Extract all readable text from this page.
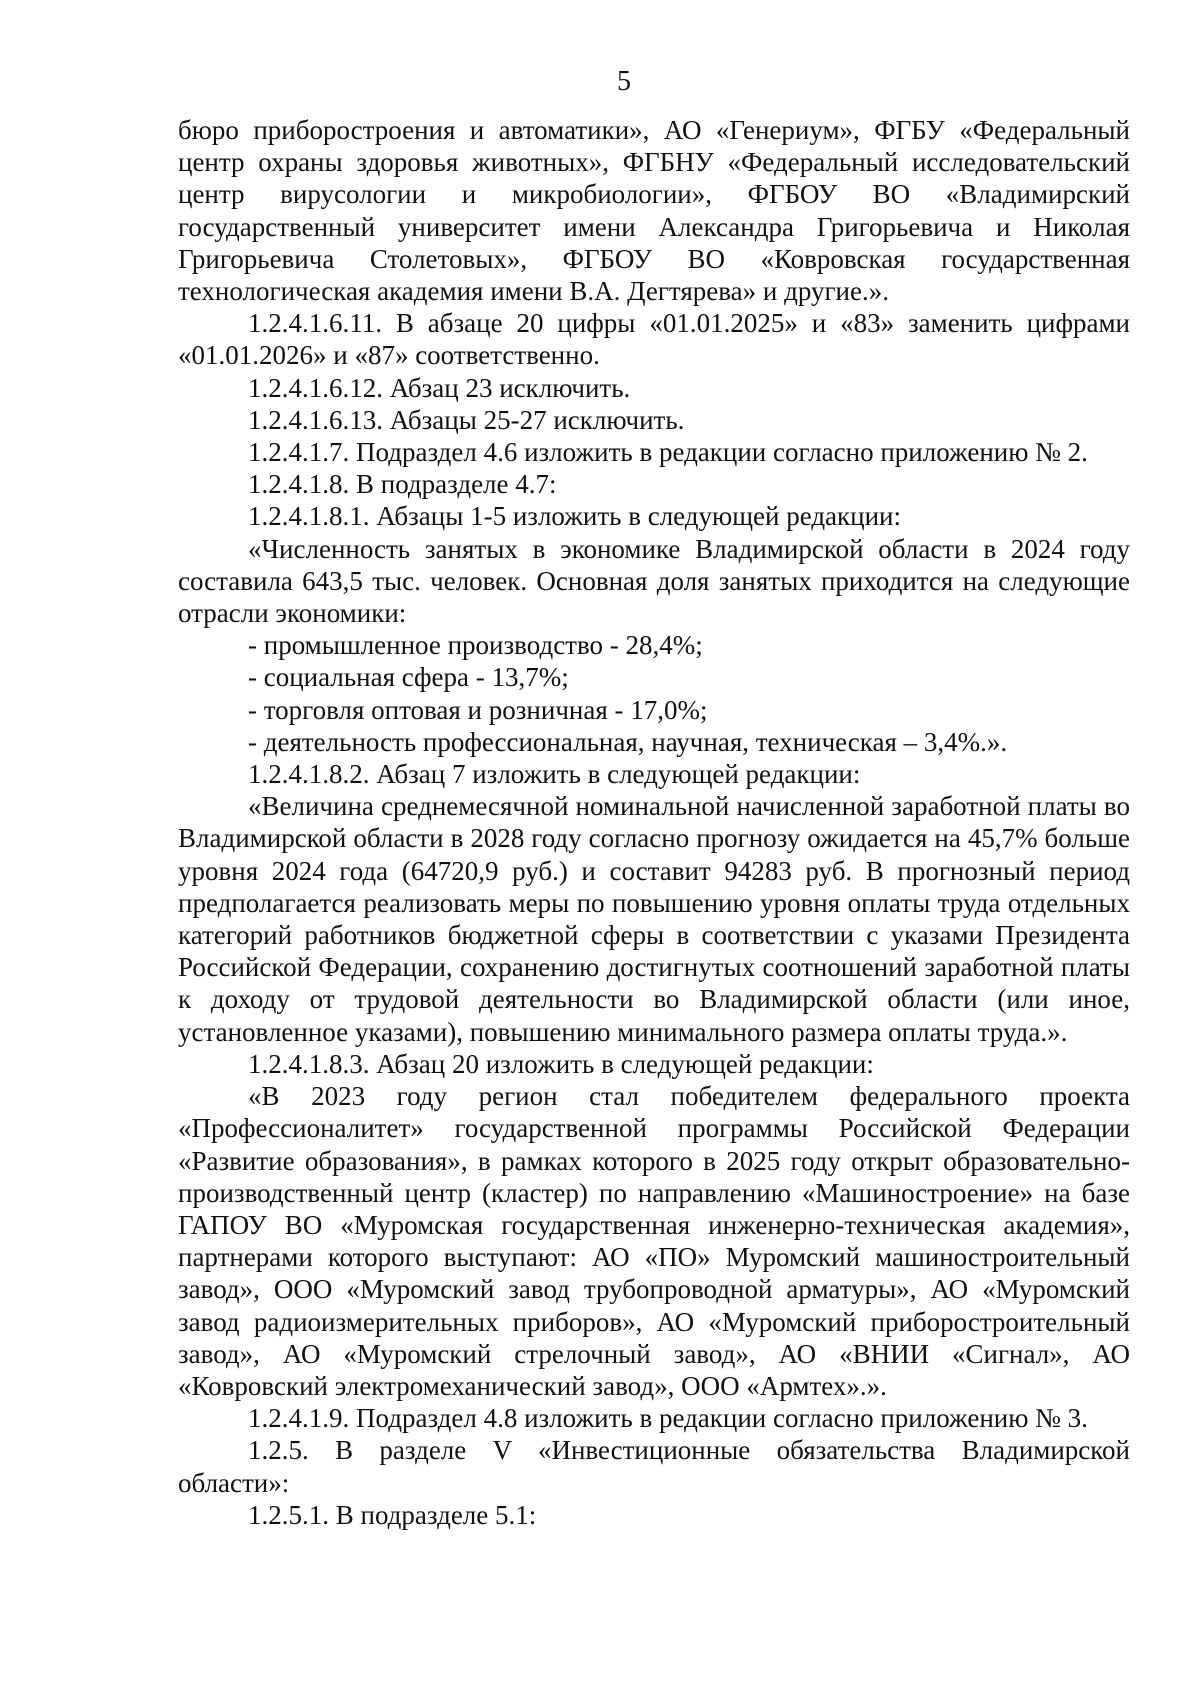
5

бюро приборостроения и автоматики», АО «Генериум», ФГБУ «Федеральный центр охраны здоровья животных», ФГБНУ «Федеральный исследовательский центр вирусологии и микробиологии», ФГБОУ ВО «Владимирский государственный университет имени Александра Григорьевича и Николая Григорьевича Столетовых», ФГБОУ ВО «Ковровская государственная технологическая академия имени В.А. Дегтярева» и другие.».

1.2.4.1.6.11. В абзаце 20 цифры «01.01.2025» и «83» заменить цифрами «01.01.2026» и «87» соответственно.

1.2.4.1.6.12. Абзац 23 исключить.

1.2.4.1.6.13. Абзацы 25-27 исключить.

1.2.4.1.7. Подраздел 4.6 изложить в редакции согласно приложению № 2.

1.2.4.1.8. В подразделе 4.7:

1.2.4.1.8.1. Абзацы 1-5 изложить в следующей редакции:

«Численность занятых в экономике Владимирской области в 2024 году составила 643,5 тыс. человек. Основная доля занятых приходится на следующие отрасли экономики:

- промышленное производство - 28,4%;

- социальная сфера - 13,7%;

- торговля оптовая и розничная - 17,0%;

- деятельность профессиональная, научная, техническая – 3,4%.».

1.2.4.1.8.2. Абзац 7 изложить в следующей редакции:

«Величина среднемесячной номинальной начисленной заработной платы во Владимирской области в 2028 году согласно прогнозу ожидается на 45,7% больше уровня 2024 года (64720,9 руб.) и составит 94283 руб. В прогнозный период предполагается реализовать меры по повышению уровня оплаты труда отдельных категорий работников бюджетной сферы в соответствии с указами Президента Российской Федерации, сохранению достигнутых соотношений заработной платы к доходу от трудовой деятельности во Владимирской области (или иное, установленное указами), повышению минимального размера оплаты труда.».

1.2.4.1.8.3. Абзац 20 изложить в следующей редакции:

«В 2023 году регион стал победителем федерального проекта «Профессионалитет» государственной программы Российской Федерации «Развитие образования», в рамках которого в 2025 году открыт образовательно-производственный центр (кластер) по направлению «Машиностроение» на базе ГАПОУ ВО «Муромская государственная инженерно-техническая академия», партнерами которого выступают: АО «ПО» Муромский машиностроительный завод», ООО «Муромский завод трубопроводной арматуры», АО «Муромский завод радиоизмерительных приборов», АО «Муромский приборостроительный завод», АО «Муромский стрелочный завод», АО «ВНИИ «Сигнал», АО «Ковровский электромеханический завод», ООО «Армтех».».

1.2.4.1.9. Подраздел 4.8 изложить в редакции согласно приложению № 3.

1.2.5. В разделе V «Инвестиционные обязательства Владимирской области»:

1.2.5.1. В подразделе 5.1:
